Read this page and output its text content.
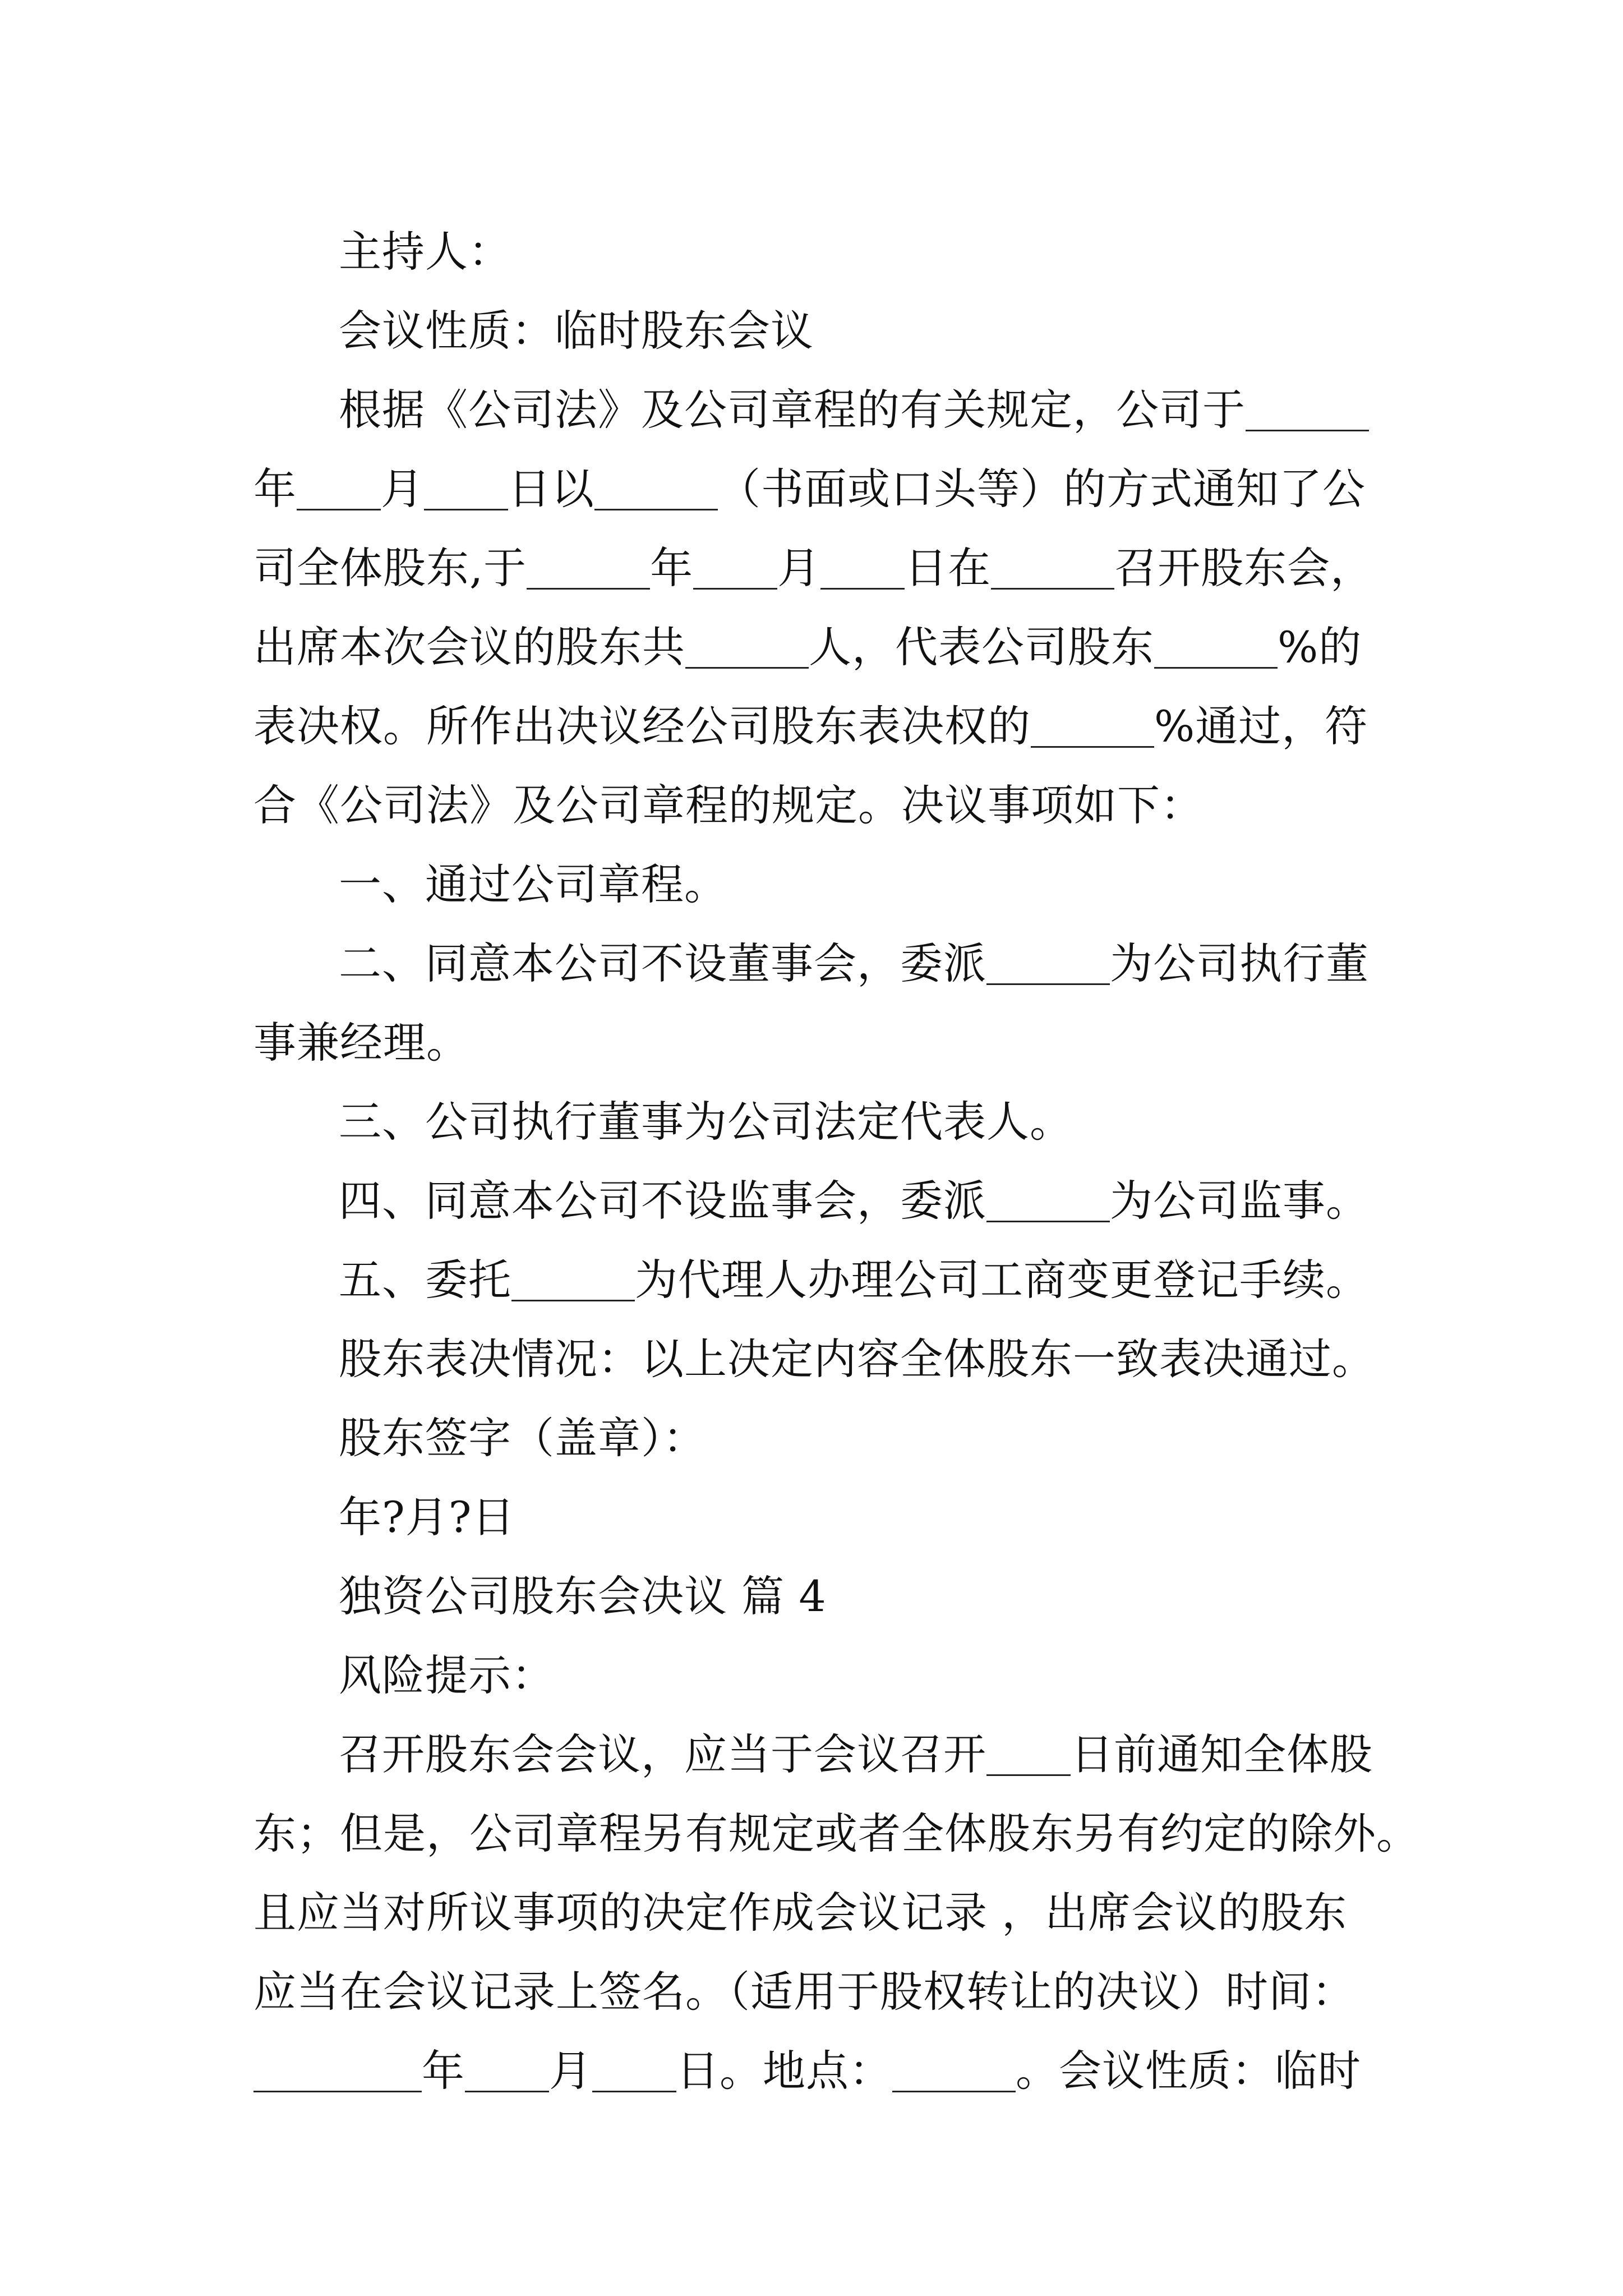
主持人：
会议性质：临时股东会议
根据《公司法》及公司章程的有关规定，公司于
年 月 日以	（书面或口头等）的方式通知了公
司全体股东,于	年 月 日在	召开股东会，
出席本次会议的股东共	人，代表公司股东	%的
表决权。所作出决议经公司股东表决权的	%通过，符
合《公司法》及公司章程的规定。决议事项如下：
一、通过公司章程。
二、同意本公司不设董事会，委派	为公司执行董
事兼经理。
三、公司执行董事为公司法定代表人。
四、同意本公司不设监事会，委派	为公司监事。
五、委托	为代理人办理公司工商变更登记手续。
股东表决情况：以上决定内容全体股东一致表决通过。
股东签字（盖章）：
年?月?日
独资公司股东会决议 篇 4
风险提示：
召开股东会会议，应当于会议召开 日前通知全体股
东；但是，公司章程另有规定或者全体股东另有约定的除外。
且应当对所议事项的决定作成会议记录 ，出席会议的股东
应当在会议记录上签名。（适用于股权转让的决议）时间：
年 月 日。地点：	。会议性质：临时
